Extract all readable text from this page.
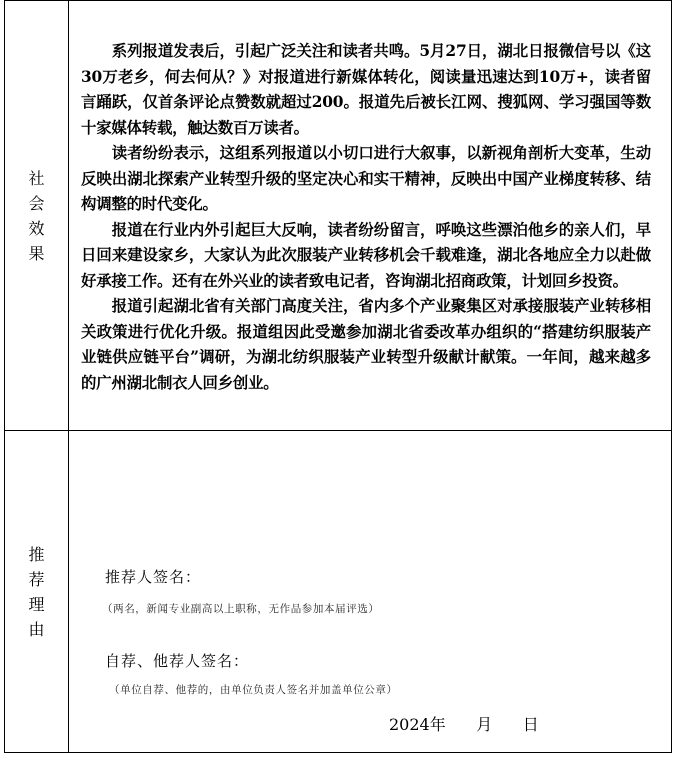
社会效果	系列报道发表后，引起广泛关注和读者共鸣。5月27日，湖北日报微信号以《这30万老乡，何去何从？》对报道进行新媒体转化，阅读量迅速达到10万+，读者留言踊跃，仅首条评论点赞数就超过200。报道先后被长江网、搜狐网、学习强国等数十家媒体转载，触达数百万读者。

读者纷纷表示，这组系列报道以小切口进行大叙事，以新视角剖析大变革，生动反映出湖北探索产业转型升级的坚定决心和实干精神，反映出中国产业梯度转移、结构调整的时代变化。

报道在行业内外引起巨大反响，读者纷纷留言，呼唤这些漂泊他乡的亲人们，早日回来建设家乡，大家认为此次服装产业转移机会千载难逢，湖北各地应全力以赴做好承接工作。还有在外兴业的读者致电记者，咨询湖北招商政策，计划回乡投资。

报道引起湖北省有关部门高度关注，省内多个产业聚集区对承接服装产业转移相关政策进行优化升级。报道组因此受邀参加湖北省委改革办组织的“搭建纺织服装产业链供应链平台”调研，为湖北纺织服装产业转型升级献计献策。一年间，越来越多的广州湖北制衣人回乡创业。

推荐理由	推荐人签名：
（两名，新闻专业副高以上职称，无作品参加本届评选）
自荐、他荐人签名：
（单位自荐、他荐的，由单位负责人签名并加盖单位公章）
2024年      月      日
